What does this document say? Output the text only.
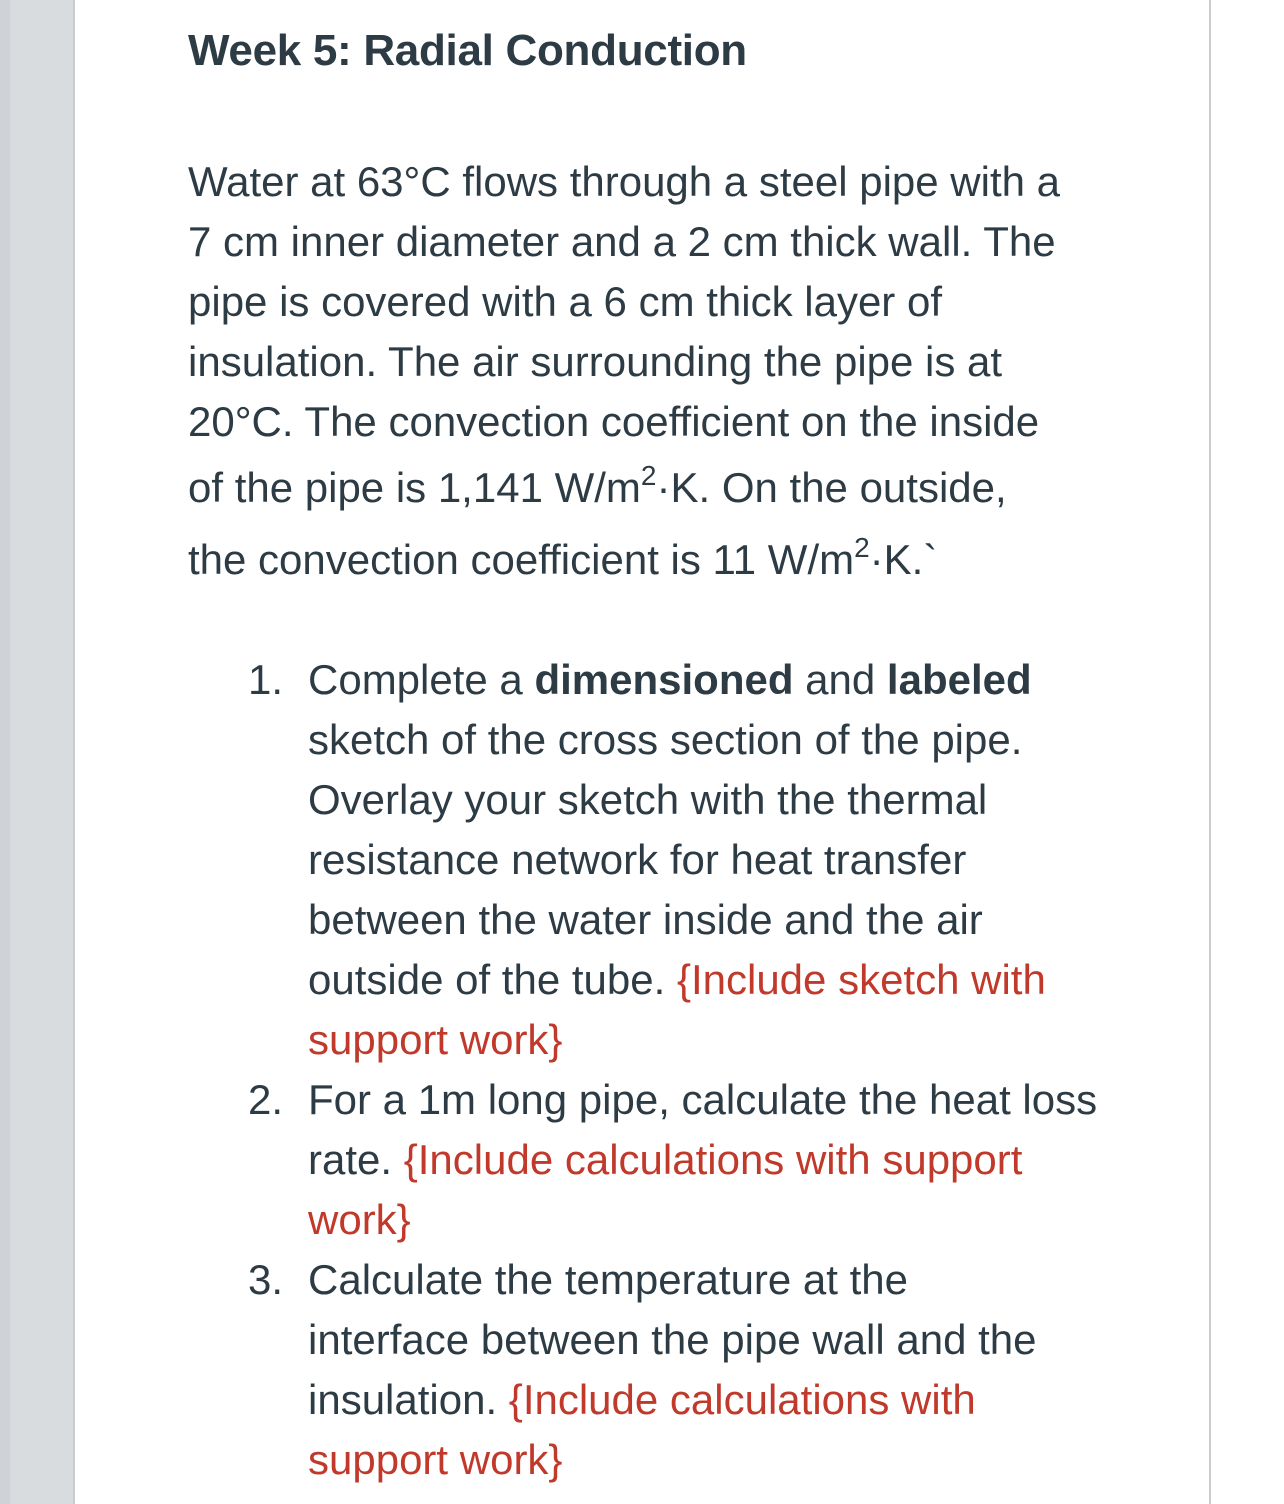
Week 5: Radial Conduction
Water at 63°C flows through a steel pipe with a
7 cm inner diameter and a 2 cm thick wall. The
pipe is covered with a 6 cm thick layer of
insulation. The air surrounding the pipe is at
20°C. The convection coefficient on the inside
of the pipe is 1,141 $W/m^2\cdot K$. On the outside,
the convection coefficient is 11 $W/m^2\cdot K.`$
1. Complete a dimensioned and labeled
sketch of the cross section of the pipe.
Overlay your sketch with the thermal
resistance network for heat transfer
between the water inside and the air
outside of the tube. {Include sketch with
support work}
2. For a 1m long pipe, calculate the heat loss
rate. {Include calculations with support
work}
3. Calculate the temperature at the
interface between the pipe wall and the
insulation. {Include calculations with
support work}
